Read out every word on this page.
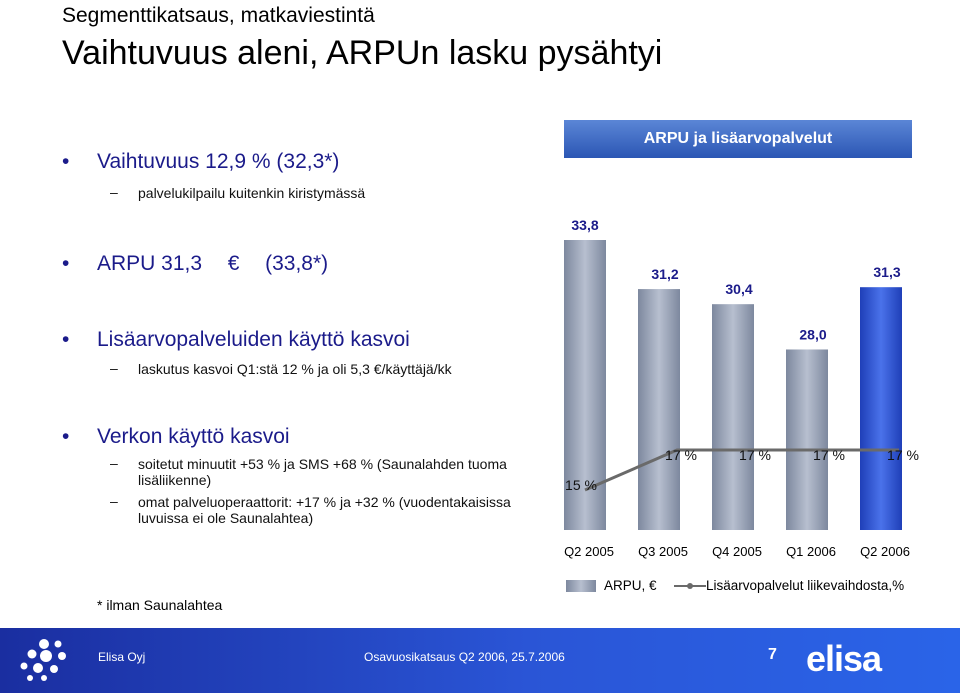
Segmenttikatsaus, matkaviestintä
Vaihtuvuus aleni, ARPUn lasku pysähtyi
• Vaihtuvuus 12,9 % (32,3*)
– palvelukilpailu kuitenkin kiristymässä
• ARPU 31,3 € (33,8*)
• Lisäarvopalveluiden käyttö kasvoi
– laskutus kasvoi Q1:stä 12 % ja oli 5,3 €/käyttäjä/kk
• Verkon käyttö kasvoi
– soitetut minuutit +53 % ja SMS +68 % (Saunalahden tuoma lisäliikenne)
– omat palveluoperaattorit: +17 % ja +32 % (vuodentakaisissa luvuissa ei ole Saunalahtea)
* ilman Saunalahtea
ARPU ja lisäarvopalvelut
33,8
31,2
30,4
28,0
31,3
15 %
17 %	17 %	17 %	17 %
Q2 2005 Q3 2005 Q4 2005 Q1 2006 Q2 2006
ARPU, €	Lisäarvopalvelut liikevaihdosta,%
Elisa Oyj	Osavuosikatsaus Q2 2006, 25.7.2006	7 elisa
